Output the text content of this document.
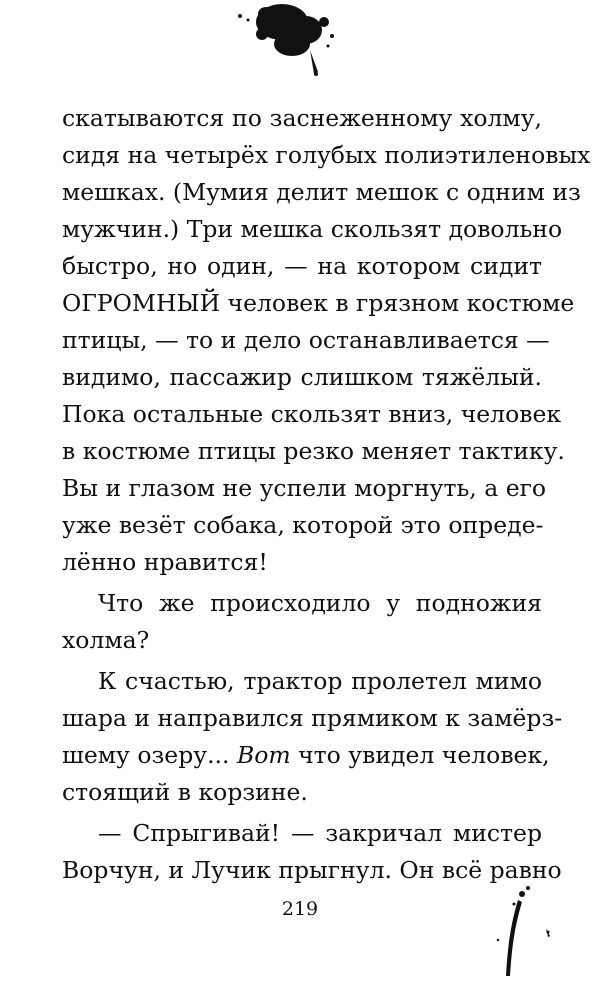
скатываются по заснеженному холму,
сидя на четырёх голубых полиэтиленовых
мешках. (Мумия делит мешок с одним из
мужчин.) Три мешка скользят довольно
быстро, но один, — на котором сидит
ОГРОМНЫЙ человек в грязном костюме
птицы, — то и дело останавливается —
видимо, пассажир слишком тяжёлый.
Пока остальные скользят вниз, человек
в костюме птицы резко меняет тактику.
Вы и глазом не успели моргнуть, а его
уже везёт собака, которой это опреде-
лённо нравится!
Что же происходило у подножия
холма?
К счастью, трактор пролетел мимо
шара и направился прямиком к замёрз-
шему озеру... Вот что увидел человек,
стоящий в корзине.
— Спрыгивай! — закричал мистер
Ворчун, и Лучик прыгнул. Он всё равно
219
